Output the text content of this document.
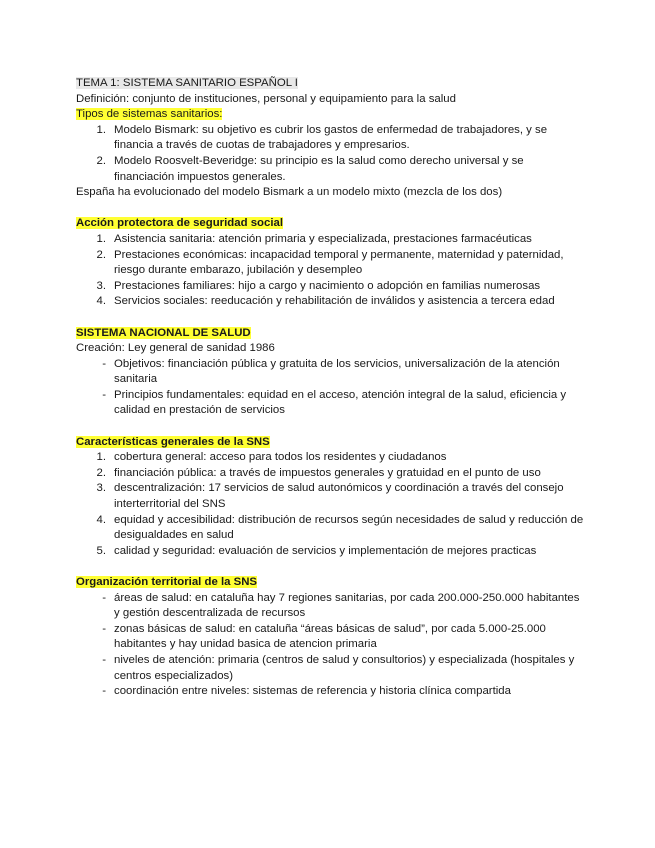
TEMA 1: SISTEMA SANITARIO ESPAÑOL I

Definición: conjunto de instituciones, personal y equipamiento para la salud

Tipos de sistemas sanitarios:

1. Modelo Bismark: su objetivo es cubrir los gastos de enfermedad de trabajadores, y se financia a través de cuotas de trabajadores y empresarios.
2. Modelo Roosvelt-Beveridge: su principio es la salud como derecho universal y se financiación impuestos generales.

España ha evolucionado del modelo Bismark a un modelo mixto (mezcla de los dos)

Acción protectora de seguridad social

1. Asistencia sanitaria: atención primaria y especializada, prestaciones farmacéuticas
2. Prestaciones económicas: incapacidad temporal y permanente, maternidad y paternidad, riesgo durante embarazo, jubilación y desempleo
3. Prestaciones familiares: hijo a cargo y nacimiento o adopción en familias numerosas
4. Servicios sociales: reeducación y rehabilitación de inválidos y asistencia a tercera edad

SISTEMA NACIONAL DE SALUD

Creación: Ley general de sanidad 1986

- Objetivos: financiación pública y gratuita de los servicios, universalización de la atención sanitaria
- Principios fundamentales: equidad en el acceso, atención integral de la salud, eficiencia y calidad en prestación de servicios

Características generales de la SNS

1. cobertura general: acceso para todos los residentes y ciudadanos
2. financiación pública: a través de impuestos generales y gratuidad en el punto de uso
3. descentralización: 17 servicios de salud autonómicos y coordinación a través del consejo interterritorial del SNS
4. equidad y accesibilidad: distribución de recursos según necesidades de salud y reducción de desigualdades en salud
5. calidad y seguridad: evaluación de servicios y implementación de mejores practicas

Organización territorial de la SNS

- áreas de salud: en cataluña hay 7 regiones sanitarias, por cada 200.000-250.000 habitantes y gestión descentralizada de recursos
- zonas básicas de salud: en cataluña “áreas básicas de salud”, por cada 5.000-25.000 habitantes y hay unidad basica de atencion primaria
- niveles de atención: primaria (centros de salud y consultorios) y especializada (hospitales y centros especializados)
- coordinación entre niveles: sistemas de referencia y historia clínica compartida
